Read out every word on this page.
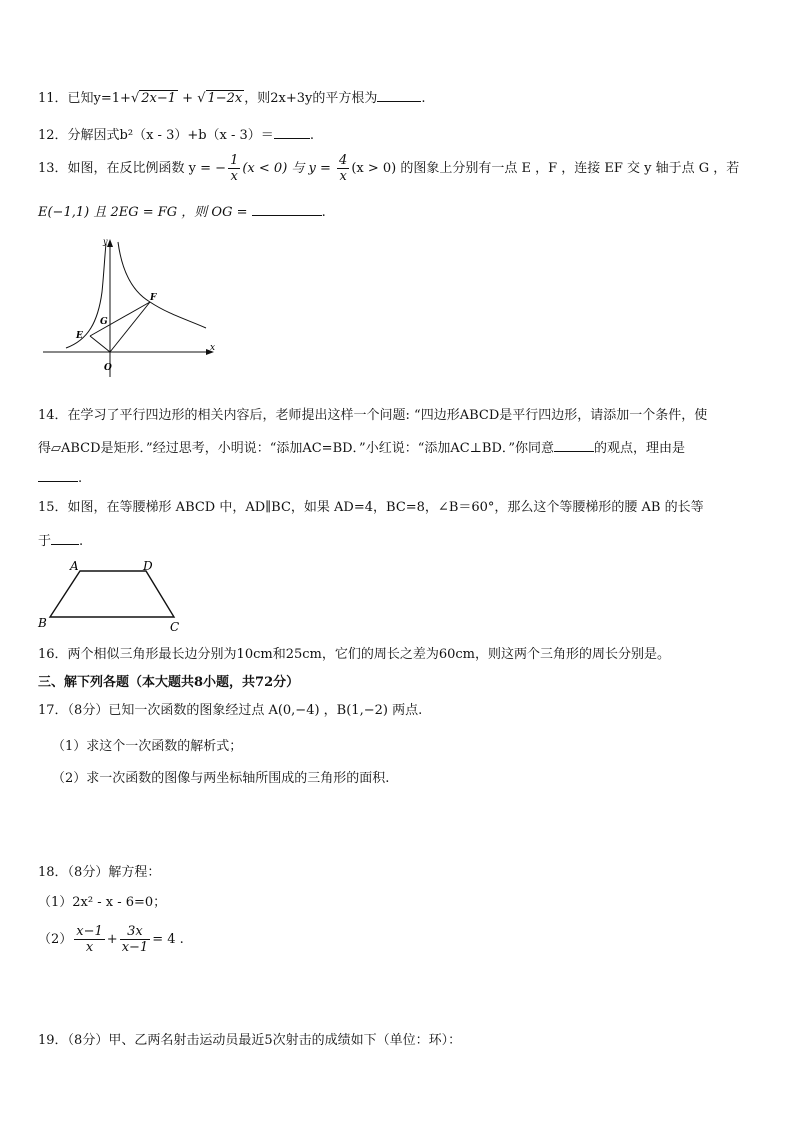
11．已知y=1+√ 2x−1 + √ 1−2x ，则2x+3y的平方根为	.
12．分解因式b²（x - 3）+b（x - 3）＝	.
13．如图，在反比例函数 y = − $\frac{1}{x} (x < 0)$ 与 $y = \frac{4}{x} (x > 0)$ 的图象上分别有一点 E ，F ，连接 EF 交 y 轴于点 G ，若
E(−1,1) 且 2EG = FG ，则 OG =	.
y
x
O
E
G
F
14．在学习了平行四边形的相关内容后，老师提出这样一个问题: “四边形ABCD是平行四边形，请添加一个条件，使
得▱ABCD是矩形．”经过思考，小明说：“添加AC=BD．”小红说：“添加AC⊥BD．”你同意	的观点，理由是
.
15．如图，在等腰梯形 ABCD 中，AD∥BC，如果 AD=4，BC=8，∠B＝60°，那么这个等腰梯形的腰 AB 的长等
于 .
A	D
B	C
16．两个相似三角形最长边分别为10cm和25cm，它们的周长之差为60cm，则这两个三角形的周长分别是。
三、解下列各题（本大题共8小题，共72分）
17．（8分）已知一次函数的图象经过点 A(0,−4) ，B(1,−2) 两点.
（1）求这个一次函数的解析式；
（2）求一次函数的图像与两坐标轴所围成的三角形的面积.
18．（8分）解方程：
（1）2x² - x - 6=0；
$(2) \frac{x-1}{x} + \frac{3x}{x-1} = 4$ .
19．（8分）甲、乙两名射击运动员最近5次射击的成绩如下（单位：环）：
